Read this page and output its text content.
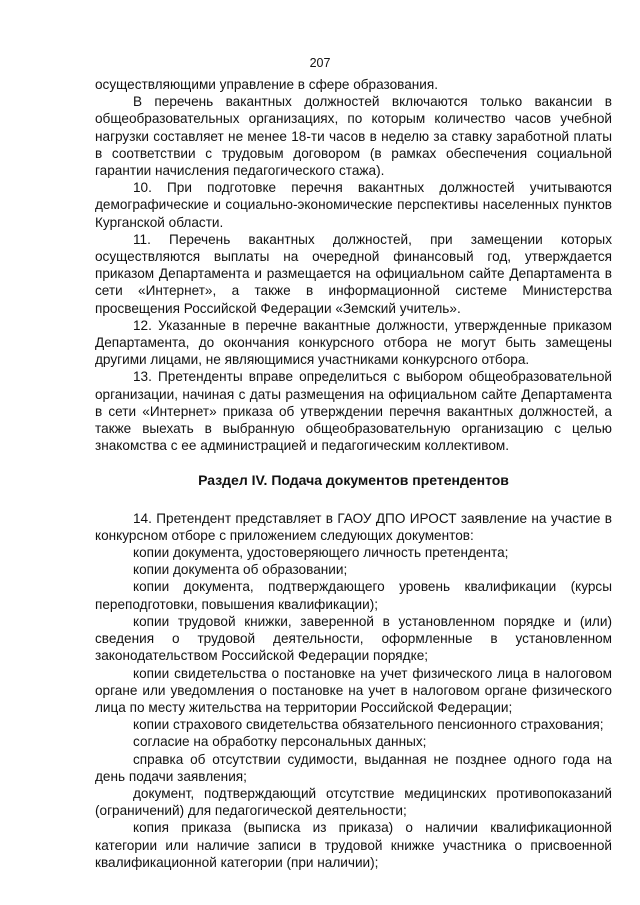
207

осуществляющими управление в сфере образования.

В перечень вакантных должностей включаются только вакансии в общеобразовательных организациях, по которым количество часов учебной нагрузки составляет не менее 18-ти часов в неделю за ставку заработной платы в соответствии с трудовым договором (в рамках обеспечения социальной гарантии начисления педагогического стажа).

10. При подготовке перечня вакантных должностей учитываются демографические и социально-экономические перспективы населенных пунктов Курганской области.

11. Перечень вакантных должностей, при замещении которых осуществляются выплаты на очередной финансовый год, утверждается приказом Департамента и размещается на официальном сайте Департамента в сети «Интернет», а также в информационной системе Министерства просвещения Российской Федерации «Земский учитель».

12. Указанные в перечне вакантные должности, утвержденные приказом Департамента, до окончания конкурсного отбора не могут быть замещены другими лицами, не являющимися участниками конкурсного отбора.

13. Претенденты вправе определиться с выбором общеобразовательной организации, начиная с даты размещения на официальном сайте Департамента в сети «Интернет» приказа об утверждении перечня вакантных должностей, а также выехать в выбранную общеобразовательную организацию с целью знакомства с ее администрацией и педагогическим коллективом.

Раздел IV. Подача документов претендентов

14. Претендент представляет в ГАОУ ДПО ИРОСТ заявление на участие в конкурсном отборе с приложением следующих документов:

копии документа, удостоверяющего личность претендента;

копии документа об образовании;

копии документа, подтверждающего уровень квалификации (курсы переподготовки, повышения квалификации);

копии трудовой книжки, заверенной в установленном порядке и (или) сведения о трудовой деятельности, оформленные в установленном законодательством Российской Федерации порядке;

копии свидетельства о постановке на учет физического лица в налоговом органе или уведомления о постановке на учет в налоговом органе физического лица по месту жительства на территории Российской Федерации;

копии страхового свидетельства обязательного пенсионного страхования;

согласие на обработку персональных данных;

справка об отсутствии судимости, выданная не позднее одного года на день подачи заявления;

документ, подтверждающий отсутствие медицинских противопоказаний (ограничений) для педагогической деятельности;

копия приказа (выписка из приказа) о наличии квалификационной категории или наличие записи в трудовой книжке участника о присвоенной квалификационной категории (при наличии);
